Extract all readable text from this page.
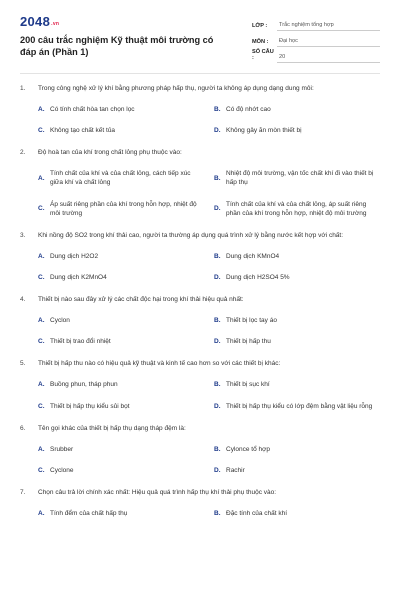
$2048^{.vn}$
200 câu trắc nghiệm Kỹ thuật môi trường có đáp án (Phần 1)
LỚP :	Trắc nghiệm tổng hợp
MÔN :	Đại học
SỐ CÂU :	20
1.	Trong công nghệ xử lý khí bằng phương pháp hấp thụ, người ta không áp dụng dạng dung môi:
A. Có tính chất hòa tan chọn lọc	B. Có độ nhớt cao
C. Không tạo chất kết tủa	D. Không gây ăn mòn thiết bị
2.	Độ hoà tan của khí trong chất lỏng phụ thuộc vào:
A.
Tính chất của khí và của chất lỏng, cách tiếp xúc giữa khí và chất lỏng
B.
Nhiệt độ môi trường, vận tốc chất khí đi vào thiết bị hấp thụ
C.
Áp suất riêng phần của khí trong hỗn hợp, nhiệt độ môi trường
D.
Tính chất của khí và của chất lỏng, áp suất riêng phần của khí trong hỗn hợp, nhiệt độ môi trường
3.	Khi nồng độ SO2 trong khí thải cao, người ta thường áp dụng quá trình xử lý bằng nước kết hợp với chất:
A. Dung dịch H2O2	B. Dung dịch KMnO4
C. Dung dịch K2MnO4	D. Dung dịch H2SO4 5%
4.	Thiết bị nào sau đây xử lý các chất độc hại trong khí thải hiệu quả nhất:
A. Cyclon	B. Thiết bị lọc tay áo
C. Thiết bị trao đổi nhiệt	D. Thiết bị hấp thu
5.	Thiết bị hấp thu nào có hiệu quả kỹ thuật và kinh tế cao hơn so với các thiết bị khác:
A. Buồng phun, tháp phun	B. Thiết bị sục khí
C. Thiết bị hấp thụ kiểu sủi bọt	D. Thiết bị hấp thụ kiểu có lớp đệm bằng vật liệu rỗng
6.	Tên gọi khác của thiết bị hấp thụ dạng tháp đệm là:
A. Srubber	B. Cylonce tổ hợp
C. Cyclone	D. Rachir
7.	Chọn câu trả lời chính xác nhất: Hiệu quả quá trình hấp thụ khí thải phụ thuộc vào:
A. Tính đểm của chất hấp thụ	B. Đặc tính của chất khí
